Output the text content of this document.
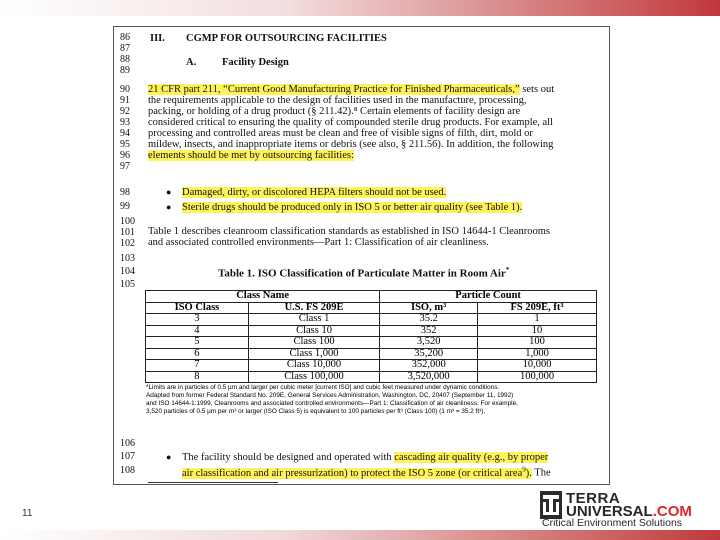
86
87
88
89
90
91
92
93
94
95
96
97
98
99
100
101
102
103
104
105
106
107
108
III. CGMP FOR OUTSOURCING FACILITIES
A. Facility Design
21 CFR part 211, “Current Good Manufacturing Practice for Finished Pharmaceuticals,” sets out
the requirements applicable to the design of facilities used in the manufacture, processing,
packing, or holding of a drug product (§ 211.42).⁸ Certain elements of facility design are
considered critical to ensuring the quality of compounded sterile drug products. For example, all
processing and controlled areas must be clean and free of visible signs of filth, dirt, mold or
mildew, insects, and inappropriate items or debris (see also, § 211.56). In addition, the following
elements should be met by outsourcing facilities:
● Damaged, dirty, or discolored HEPA filters should not be used.
● Sterile drugs should be produced only in ISO 5 or better air quality (see Table 1).
Table 1 describes cleanroom classification standards as established in ISO 14644-1 Cleanrooms
and associated controlled environments—Part 1: Classification of air cleanliness.
Table 1. ISO Classification of Particulate Matter in Room Air*
● The facility should be designed and operated with cascading air quality (e.g., by proper
air classification and air pressurization) to protect the ISO 5 zone (or critical area$^9$). The
Class Name		Particle Count	
ISO Class	U.S. FS 209E	ISO, m³	FS 209E, ft³
3	Class 1	35.2	1
4	Class 10	352	10
5	Class 100	3,520	100
6	Class 1,000	35,200	1,000
7	Class 10,000	352,000	10,000
8	Class 100,000	3,520,000	100,000
*Limits are in particles of 0.5 µm and larger per cubic meter [current ISO] and cubic feet measured under dynamic conditions.
Adapted from former Federal Standard No. 209E, General Services Administration, Washington, DC, 20407 (September 11, 1992)
and ISO 14644-1:1999, Cleanrooms and associated controlled environments—Part 1: Classification of air cleanliness. For example,
3,520 particles of 0.5 µm per m³ or larger (ISO Class 5) is equivalent to 100 particles per ft³ (Class 100) (1 m³ = 35.2 ft³).
11
TERRA
UNIVERSAL.COM
Critical Environment Solutions
